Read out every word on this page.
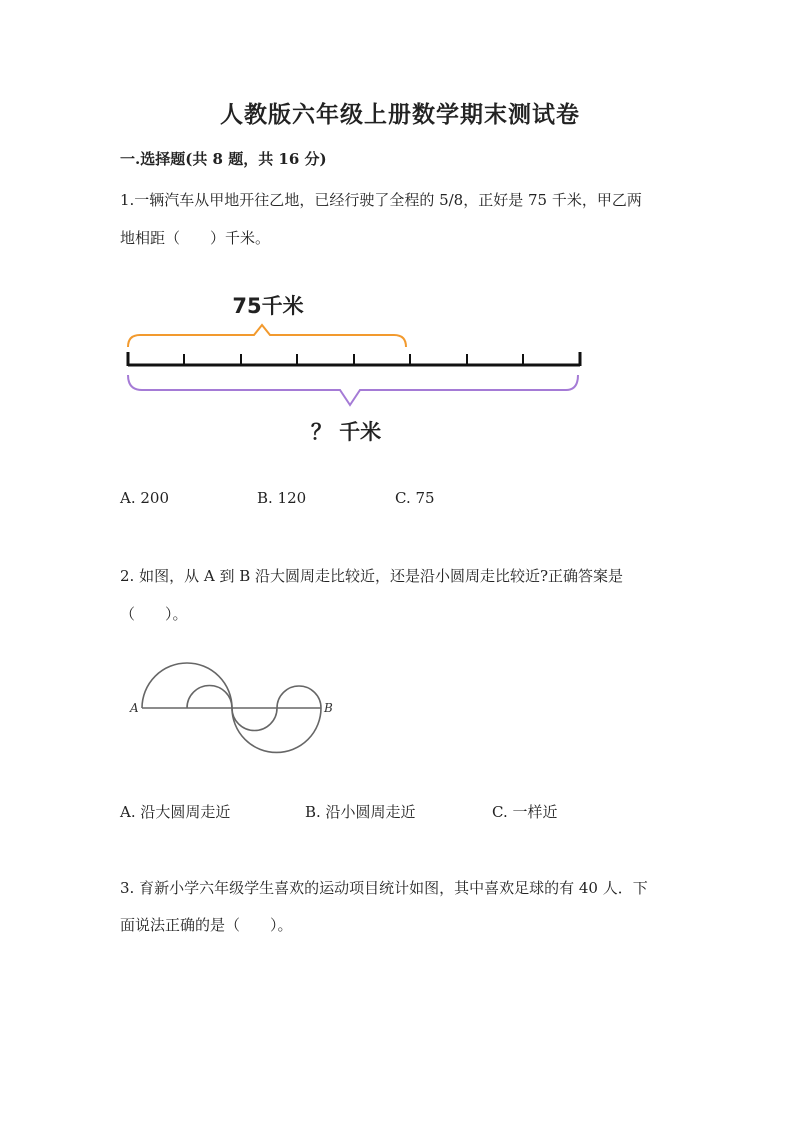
人教版六年级上册数学期末测试卷
一.选择题(共 8 题，共 16 分)
1.一辆汽车从甲地开往乙地，已经行驶了全程的 5/8，正好是 75 千米，甲乙两
地相距（　　）千米。
75千米
？ 千米
A. 200	B. 120	C. 75
2. 如图，从 A 到 B 沿大圆周走比较近，还是沿小圆周走比较近?正确答案是
（　　）。
A	B
A. 沿大圆周走近	B. 沿小圆周走近	C. 一样近
3. 育新小学六年级学生喜欢的运动项目统计如图，其中喜欢足球的有 40 人．下
面说法正确的是（　　）。
